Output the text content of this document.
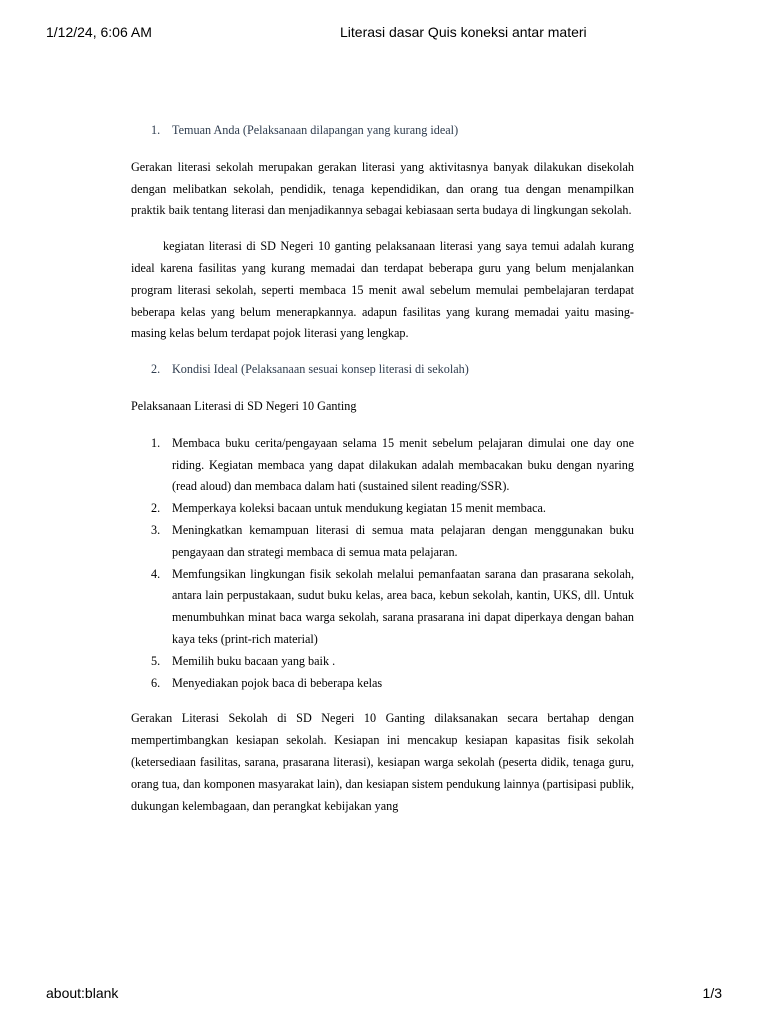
1/12/24, 6:06 AM	Literasi dasar Quis koneksi antar materi

1. Temuan Anda (Pelaksanaan dilapangan yang kurang ideal)

Gerakan literasi sekolah merupakan gerakan literasi yang aktivitasnya banyak dilakukan disekolah dengan melibatkan sekolah, pendidik, tenaga kependidikan, dan orang tua dengan menampilkan praktik baik tentang literasi dan menjadikannya sebagai kebiasaan serta budaya di lingkungan sekolah.

kegiatan literasi di SD Negeri 10 ganting pelaksanaan literasi yang saya temui adalah kurang ideal karena fasilitas yang kurang memadai dan terdapat beberapa guru yang belum menjalankan program literasi sekolah, seperti membaca 15 menit awal sebelum memulai pembelajaran terdapat beberapa kelas yang belum menerapkannya. adapun fasilitas yang kurang memadai yaitu masing-masing kelas belum terdapat pojok literasi yang lengkap.

2. Kondisi Ideal (Pelaksanaan sesuai konsep literasi di sekolah)

Pelaksanaan Literasi di SD Negeri 10 Ganting

1. Membaca buku cerita/pengayaan selama 15 menit sebelum pelajaran dimulai one day one riding. Kegiatan membaca yang dapat dilakukan adalah membacakan buku dengan nyaring (read aloud) dan membaca dalam hati (sustained silent reading/SSR).
2. Memperkaya koleksi bacaan untuk mendukung kegiatan 15 menit membaca.
3. Meningkatkan kemampuan literasi di semua mata pelajaran dengan menggunakan buku pengayaan dan strategi membaca di semua mata pelajaran.
4. Memfungsikan lingkungan fisik sekolah melalui pemanfaatan sarana dan prasarana sekolah, antara lain perpustakaan, sudut buku kelas, area baca, kebun sekolah, kantin, UKS, dll. Untuk menumbuhkan minat baca warga sekolah, sarana prasarana ini dapat diperkaya dengan bahan kaya teks (print-rich material)
5. Memilih buku bacaan yang baik .
6. Menyediakan pojok baca di beberapa kelas

Gerakan Literasi Sekolah di SD Negeri 10 Ganting dilaksanakan secara bertahap dengan mempertimbangkan kesiapan sekolah. Kesiapan ini mencakup kesiapan kapasitas fisik sekolah (ketersediaan fasilitas, sarana, prasarana literasi), kesiapan warga sekolah (peserta didik, tenaga guru, orang tua, dan komponen masyarakat lain), dan kesiapan sistem pendukung lainnya (partisipasi publik, dukungan kelembagaan, dan perangkat kebijakan yang

about:blank	1/3
